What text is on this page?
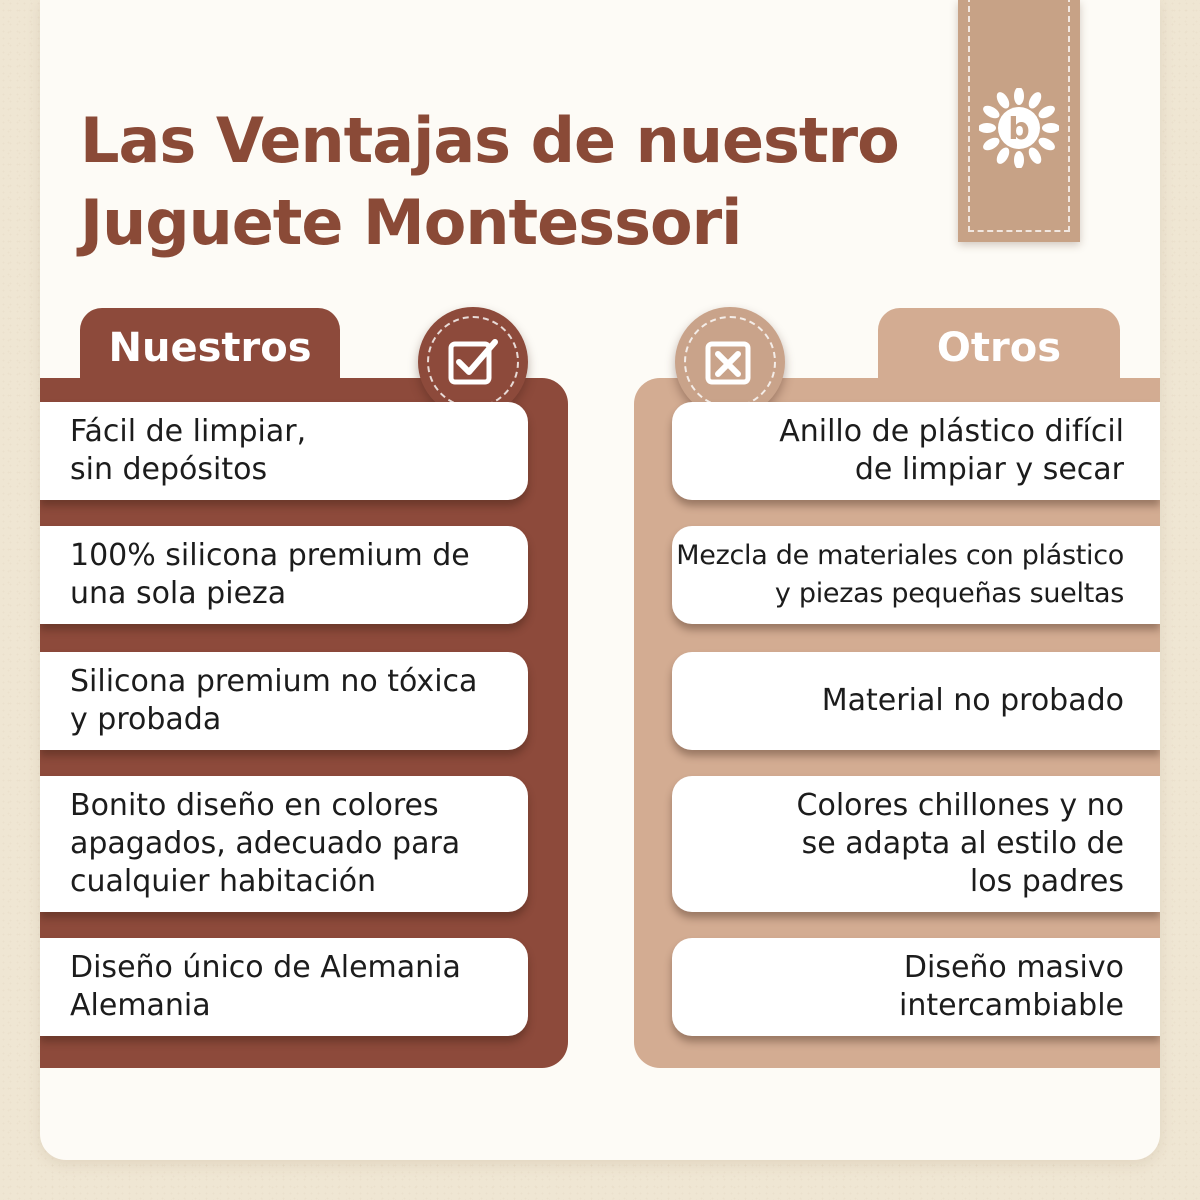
Las Ventajas de nuestro
Juguete Montessori
b
Nuestros	Otros
Fácil de limpiar,
sin depósitos
100% silicona premium de
una sola pieza
Silicona premium no tóxica
y probada
Bonito diseño en colores
apagados, adecuado para
cualquier habitación
Diseño único de Alemania
Alemania
Anillo de plástico difícil
de limpiar y secar
Mezcla de materiales con plástico
y piezas pequeñas sueltas
Material no probado
Colores chillones y no
se adapta al estilo de
los padres
Diseño masivo
intercambiable
